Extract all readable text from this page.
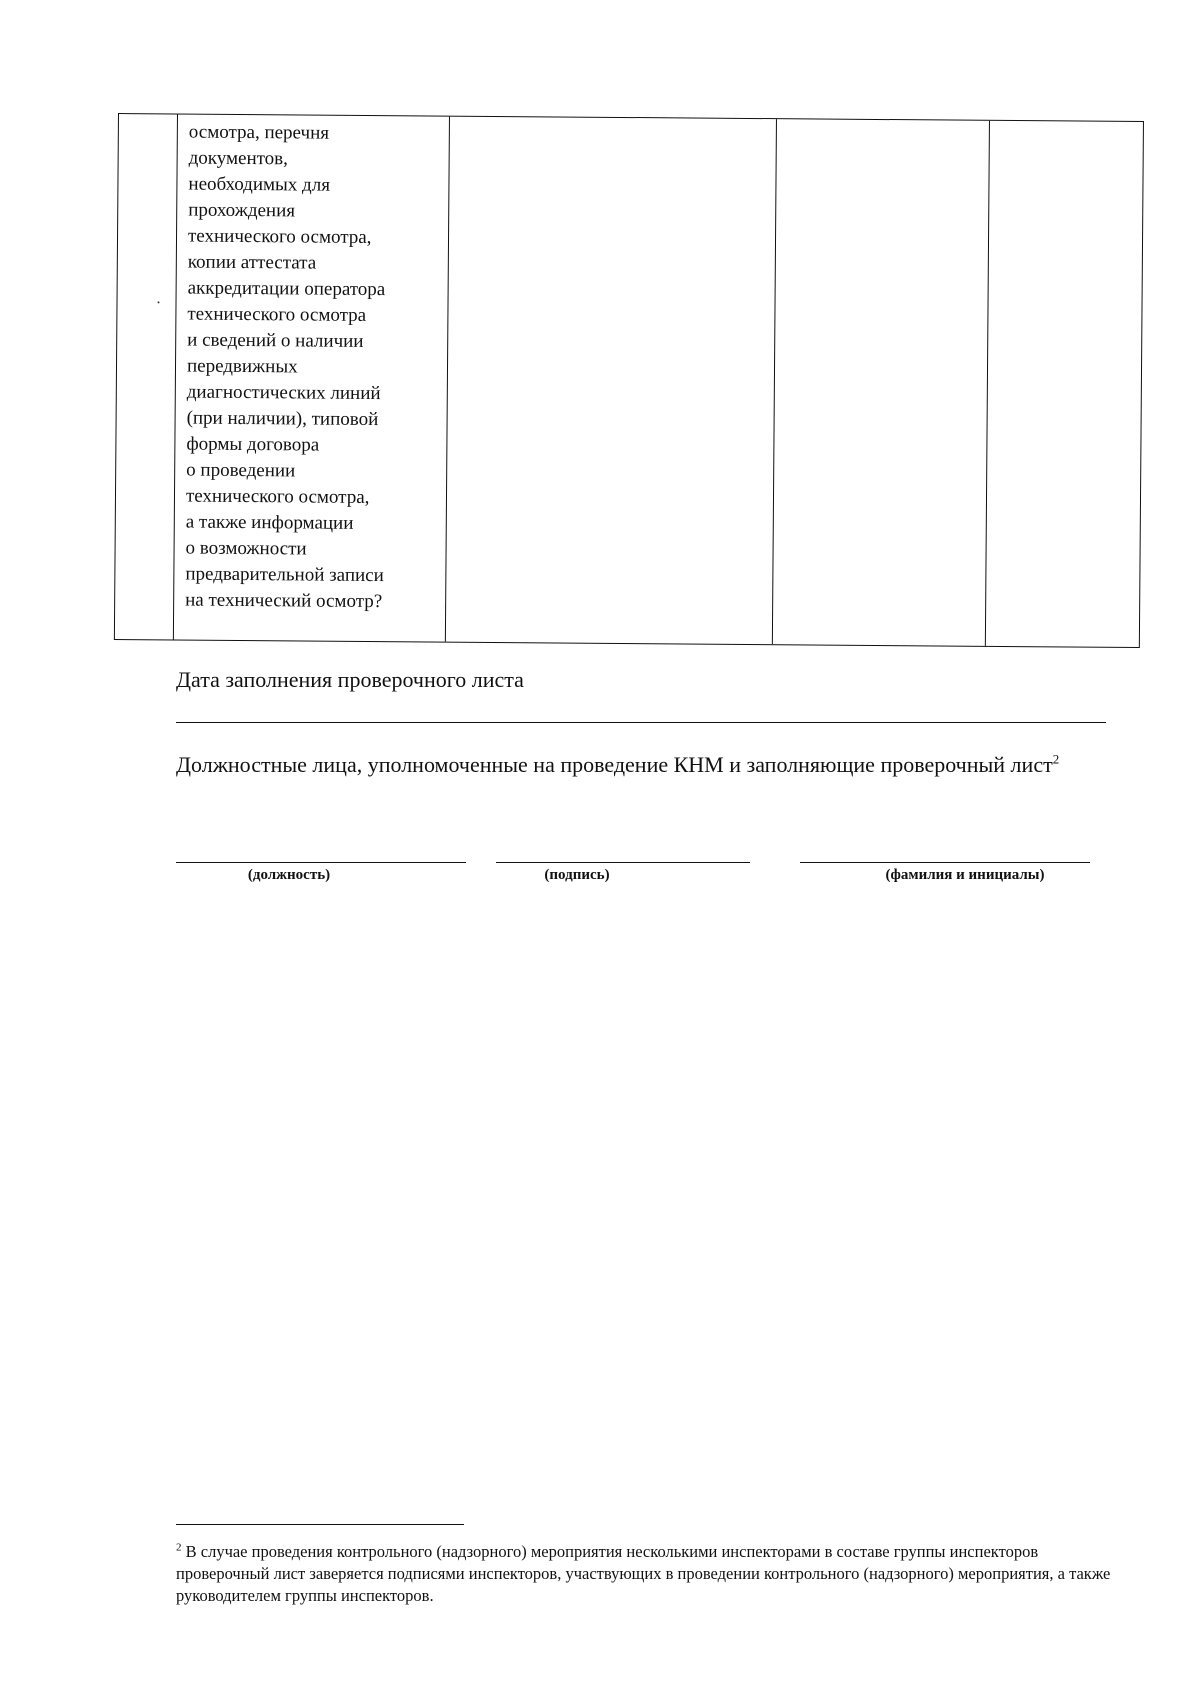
осмотра, перечня
документов,
необходимых для
прохождения
технического осмотра,
копии аттестата
аккредитации оператора
технического осмотра
и сведений о наличии
передвижных
диагностических линий
(при наличии), типовой
формы договора
о проведении
технического осмотра,
а также информации
о возможности
предварительной записи
на технический осмотр?
Дата заполнения проверочного листа
Должностные лица, уполномоченные на проведение КНМ и заполняющие проверочный лист$^2$
(должность)	(подпись)	(фамилия и инициалы)
$^2$ В случае проведения контрольного (надзорного) мероприятия несколькими инспекторами в составе группы инспекторов проверочный лист заверяется подписями инспекторов, участвующих в проведении контрольного (надзорного) мероприятия, а также руководителем группы инспекторов.
